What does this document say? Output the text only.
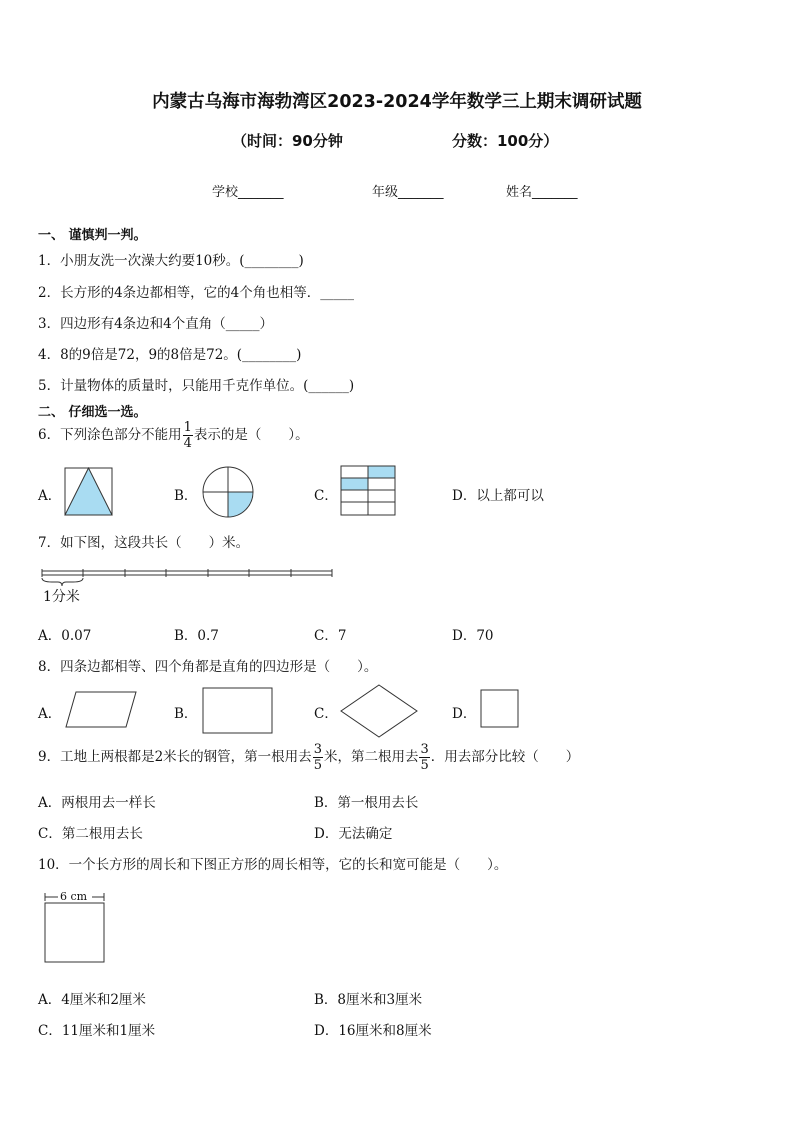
内蒙古乌海市海勃湾区2023-2024学年数学三上期末调研试题
（时间：90分钟	分数：100分）
学校_______	年级_______	姓名_______
一、 谨慎判一判。
1．小朋友洗一次澡大约要10秒。(________)
2．长方形的4条边都相等，它的4个角也相等．_____
3．四边形有4条边和4个直角（_____）
4．8的9倍是72，9的8倍是72。(________)
5．计量物体的质量时，只能用千克作单位。(______)
二、 仔细选一选。
6．下列涂色部分不能用 $\frac{1}{4}$ 表示的是（　　）。
A．	B．	C．	D．以上都可以
7．如下图，这段共长（　　）米。
1分米
A．0.07	B．0.7	C．7	D．70
8．四条边都相等、四个角都是直角的四边形是（　　）。
A．	B．	C．	D．
9．工地上两根都是2米长的钢管，第一根用去 $\frac{3}{5}$ 米，第二根用去 $\frac{3}{5}$ ．用去部分比较（　　）
A．两根用去一样长	B．第一根用去长
C．第二根用去长	D．无法确定
10．一个长方形的周长和下图正方形的周长相等，它的长和宽可能是（　　）。
6 cm
A．4厘米和2厘米	B．8厘米和3厘米
C．11厘米和1厘米	D．16厘米和8厘米
